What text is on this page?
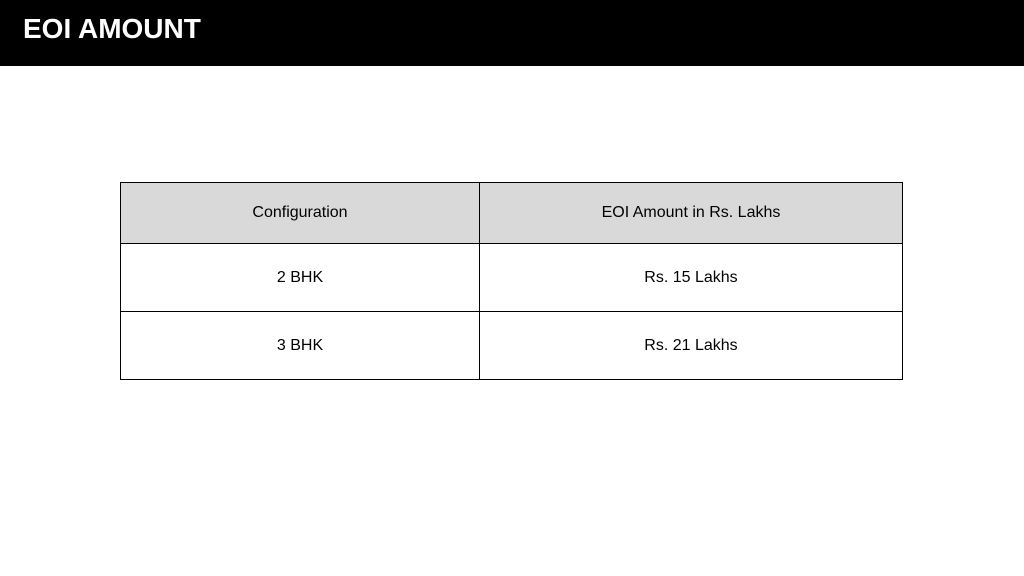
EOI AMOUNT
Configuration	EOI Amount in Rs. Lakhs
2 BHK	Rs. 15 Lakhs
3 BHK	Rs. 21 Lakhs
